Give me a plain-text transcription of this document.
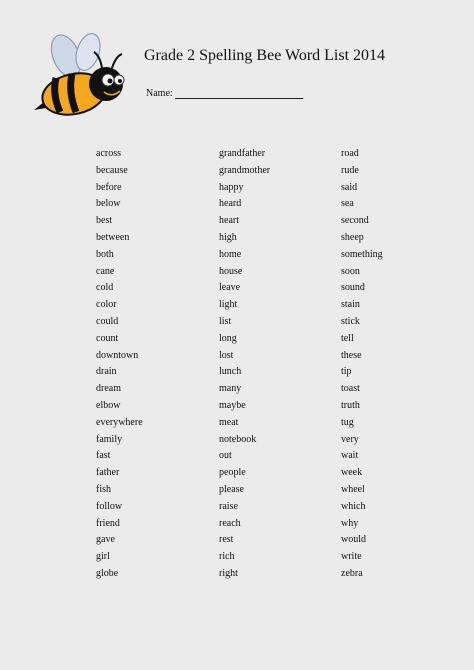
Grade 2 Spelling Bee Word List 2014
Name:
across
because
before
below
best
between
both
cane
cold
color
could
count
downtown
drain
dream
elbow
everywhere
family
fast
father
fish
follow
friend
gave
girl
globe
grandfather
grandmother
happy
heard
heart
high
home
house
leave
light
list
long
lost
lunch
many
maybe
meat
notebook
out
people
please
raise
reach
rest
rich
right
road
rude
said
sea
second
sheep
something
soon
sound
stain
stick
tell
these
tip
toast
truth
tug
very
wait
week
wheel
which
why
would
write
zebra
